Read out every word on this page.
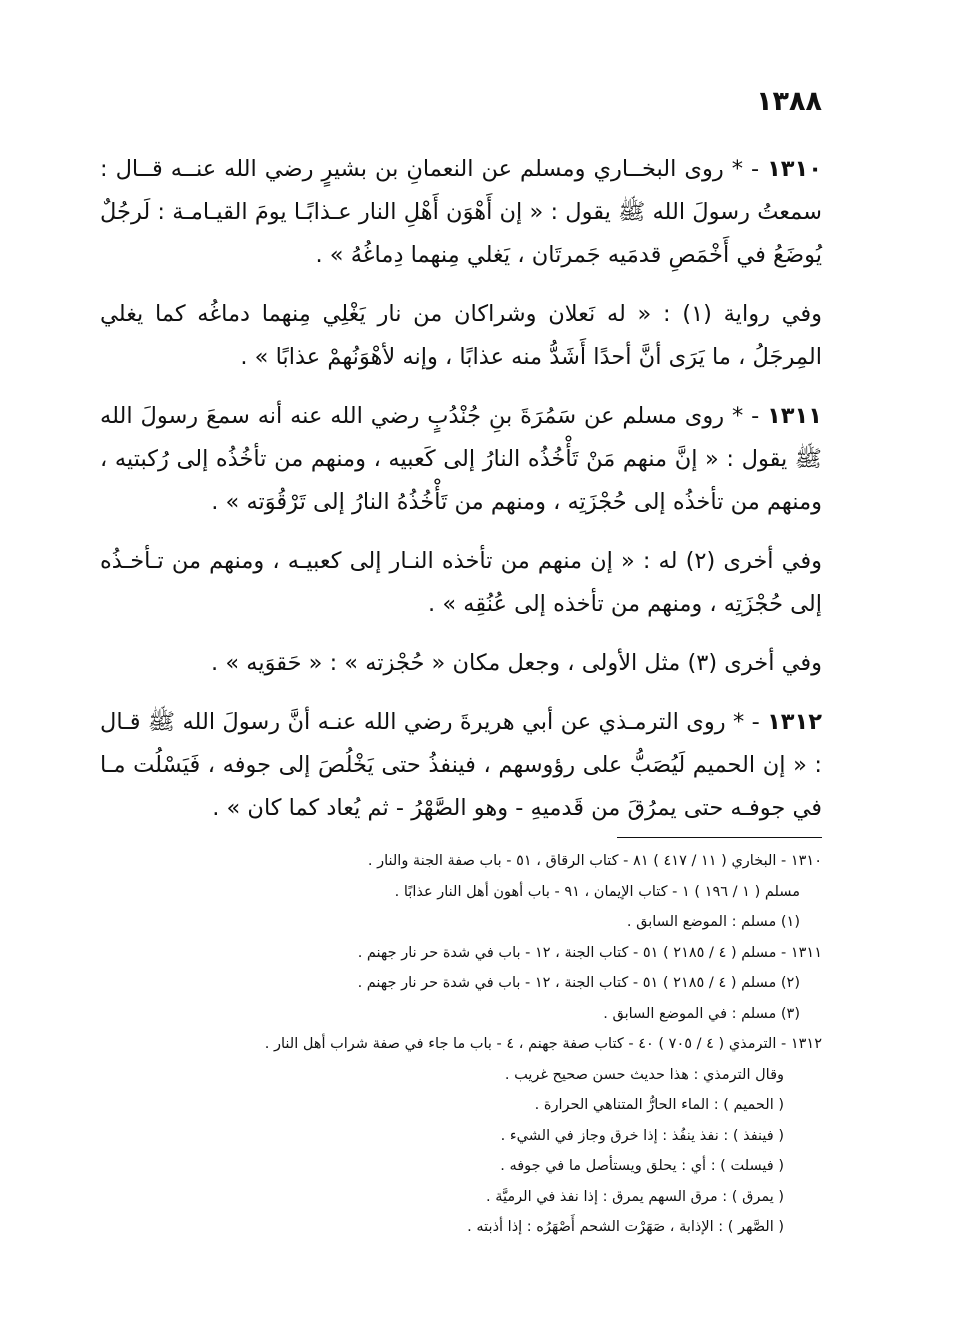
١٣٨٨

١٣١٠ - * روى البخــاري ومسلم عن النعمانِ بن بشيرٍ رضي الله عنــه قــال : سمعتُ رسولَ الله ﷺ يقول : « إن أَهْوَن أَهْلِ النار عـذابًـا يومَ القيـامـة : لَرجُلٌ يُوضَعُ في أَخْمَصِ قدمَيه جَمرتَان ، يَغلي مِنهما دِماغُهُ » .

وفي رواية (١) : « له نَعلان وشراكان من نار يَغْلِي مِنهما دماغُه كما يغلي المِرجَلُ ، ما يَرَى أنَّ أحدًا أَشَدُّ منه عذابًا ، وإنه لأهْوَنُهمْ عذابًا » .

١٣١١ - * روى مسلم عن سَمُرَةَ بنِ جُنْدُبٍ رضي الله عنه أنه سمعَ رسولَ الله ﷺ يقول : « إنَّ منهم مَنْ تَأْخُذُه النارُ إلى كَعبيه ، ومنهم من تأخُذُه إلى رُكبتيه ، ومنهم من تأخذُه إلى حُجْزَتِه ، ومنهم من تَأْخُذُهُ النارُ إلى تَرْقُوَته » .

وفي أخرى (٢) له : « إن منهم من تأخذه النـار إلى كعبيـه ، ومنهم من تـأخـذُه إلى حُجْزَتِه ، ومنهم من تأخذه إلى عُنُقِه » .

وفي أخرى (٣) مثل الأولى ، وجعل مكان « حُجْزته » : « حَقوَيه » .

١٣١٢ - * روى الترمـذي عن أبي هريرةَ رضي الله عنـه أنَّ رسولَ الله ﷺ قـال : « إن الحميم لَيُصَبُّ على رؤوسهم ، فينفذُ حتى يَخْلُصَ إلى جوفه ، فَيَسْلُت مـا في جوفـه حتى يمرُقَ من قَدميهِ - وهو الصَّهْرُ - ثم يُعاد كما كان » .

١٣١٠ - البخاري ( ١١ / ٤١٧ ) ٨١ - كتاب الرقاق ، ٥١ - باب صفة الجنة والنار .

مسلم ( ١ / ١٩٦ ) ١ - كتاب الإيمان ، ٩١ - باب أهون أهل النار عذابًا .

(١) مسلم : الموضع السابق .

١٣١١ - مسلم ( ٤ / ٢١٨٥ ) ٥١ - كتاب الجنة ، ١٢ - باب في شدة حر نار جهنم .

(٢) مسلم ( ٤ / ٢١٨٥ ) ٥١ - كتاب الجنة ، ١٢ - باب في شدة حر نار جهنم .

(٣) مسلم : في الموضع السابق .

١٣١٢ - الترمذي ( ٤ / ٧٠٥ ) ٤٠ - كتاب صفة جهنم ، ٤ - باب ما جاء في صفة شراب أهل النار .

وقال الترمذي : هذا حديث حسن صحيح غريب .

( الحميم ) : الماء الحارُّ المتناهي الحرارة .

( فينفذ ) : نفذ ينفُذ : إذا خرق وجاز في الشيء .

( فيسلت ) : أي : يحلق ويستأصل ما في جوفه .

( يمرق ) : مرق السهم يمرق : إذا نفذ في الرميَّة .

( الصَّهر ) : الإذابة ، صَهَرْت الشحم أَصْهَرُه : إذا أذبته .
